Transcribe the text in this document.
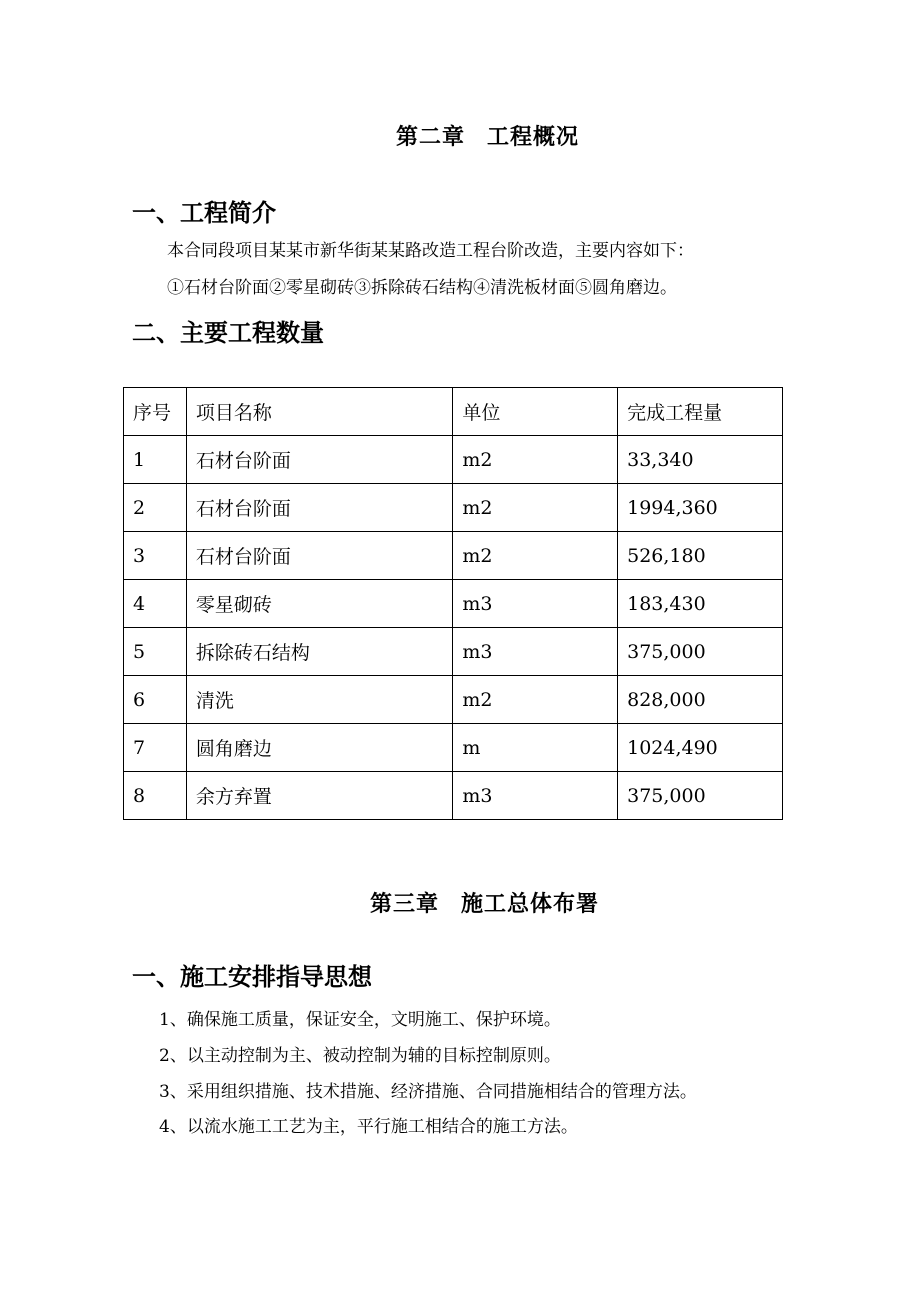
第二章 工程概况
一、工程简介
本合同段项目某某市新华街某某路改造工程台阶改造，主要内容如下：
①石材台阶面②零星砌砖③拆除砖石结构④清洗板材面⑤圆角磨边。
二、主要工程数量
序号	项目名称	单位	完成工程量
1	石材台阶面	m2	33,340
2	石材台阶面	m2	1994,360
3	石材台阶面	m2	526,180
4	零星砌砖	m3	183,430
5	拆除砖石结构	m3	375,000
6	清洗	m2	828,000
7	圆角磨边	m	1024,490
8	余方弃置	m3	375,000
第三章 施工总体布署
一、施工安排指导思想
1、确保施工质量，保证安全，文明施工、保护环境。
2、以主动控制为主、被动控制为辅的目标控制原则。
3、采用组织措施、技术措施、经济措施、合同措施相结合的管理方法。
4、以流水施工工艺为主，平行施工相结合的施工方法。
